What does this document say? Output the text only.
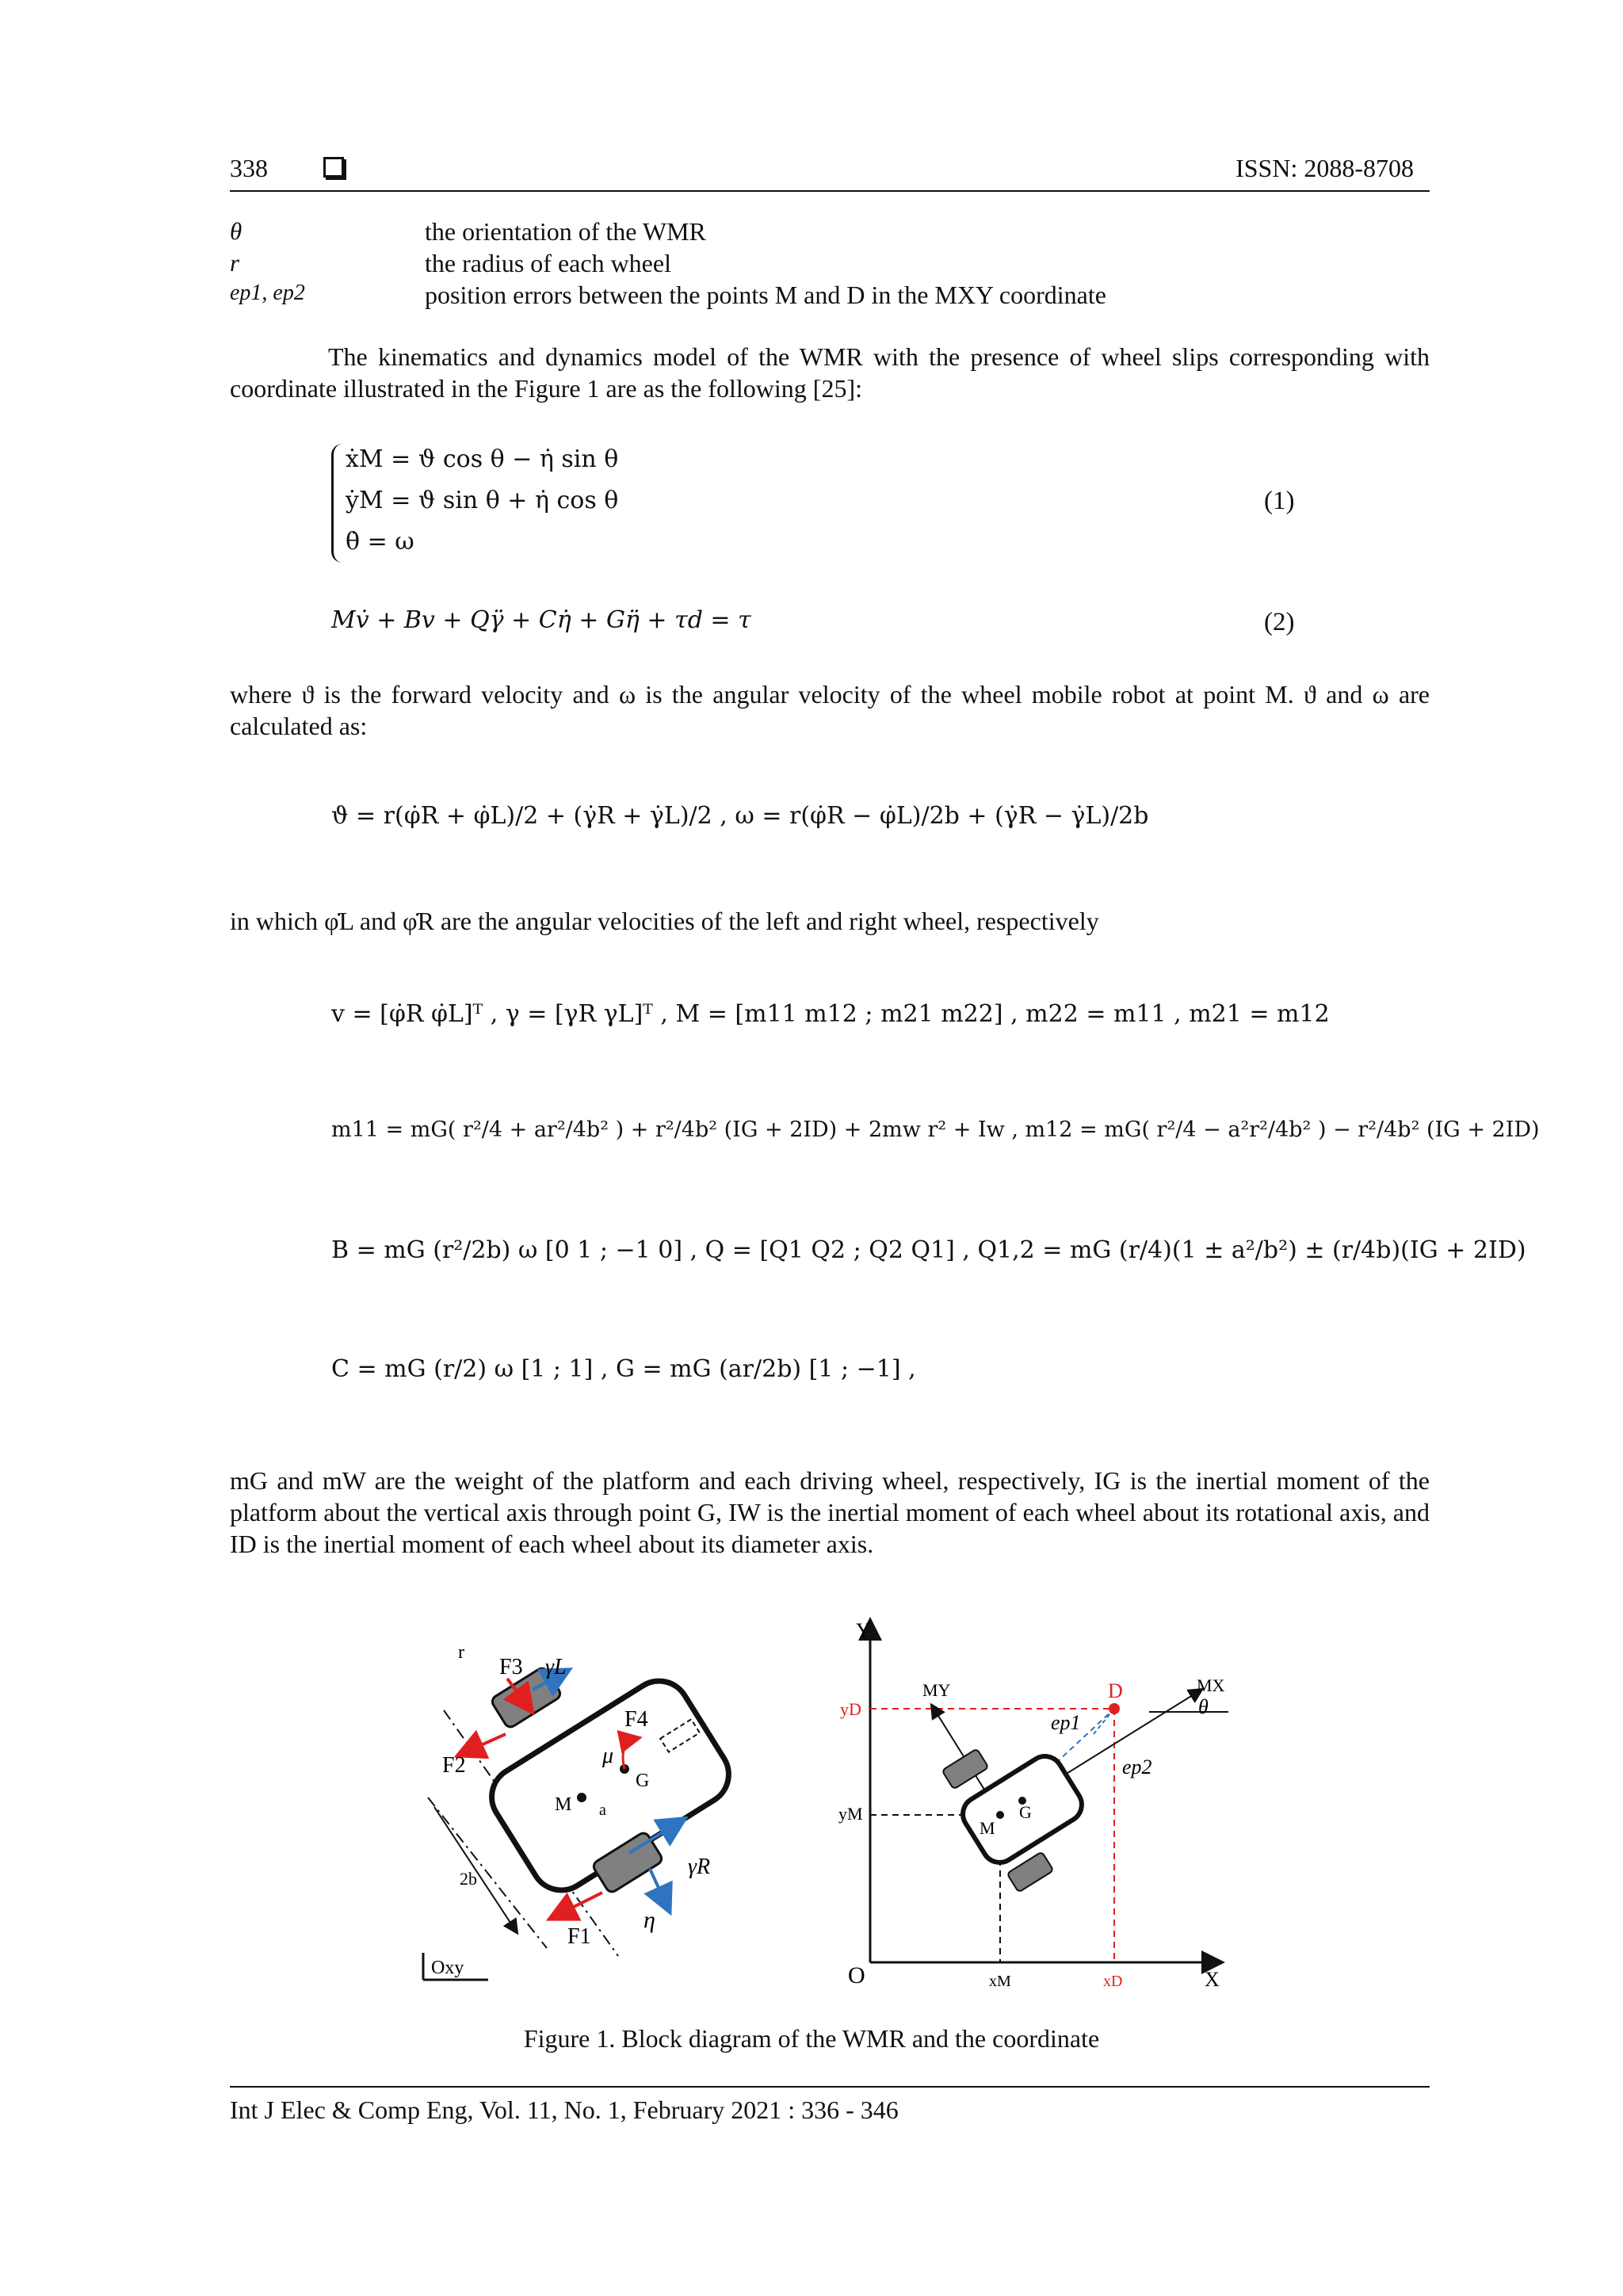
338	ISSN: 2088-8708
θ	the orientation of the WMR
r	the radius of each wheel
ep1, ep2	position errors between the points M and D in the MXY coordinate
The kinematics and dynamics model of the WMR with the presence of wheel slips corresponding with coordinate illustrated in the Figure 1 are as the following [25]:
ẋM = ϑ cos θ − η̇ sin θ
ẏM = ϑ sin θ + η̇ cos θ
θ̇ = ω
(1)
Mv̇ + Bv + Qγ̈ + Cη̇ + Gη̈ + τd = τ	(2)
where ϑ is the forward velocity and ω is the angular velocity of the wheel mobile robot at point M. ϑ and ω are calculated as:
ϑ = r(φ̇R + φ̇L)/2 + (γ̇R + γ̇L)/2 , ω = r(φ̇R − φ̇L)/2b + (γ̇R − γ̇L)/2b
in which φ̇L and φ̇R are the angular velocities of the left and right wheel, respectively
v = [φ̇R φ̇L]ᵀ , γ = [γR γL]ᵀ , M = [m11 m12 ; m21 m22] , m22 = m11 , m21 = m12
m11 = mG( r²/4 + ar²/4b² ) + r²/4b² (IG + 2ID) + 2mw r² + Iw , m12 = mG( r²/4 − a²r²/4b² ) − r²/4b² (IG + 2ID)
B = mG (r²/2b) ω [0 1 ; −1 0] , Q = [Q1 Q2 ; Q2 Q1] , Q1,2 = mG (r/4)(1 ± a²/b²) ± (r/4b)(IG + 2ID)
C = mG (r/2) ω [1 ; 1] , G = mG (ar/2b) [1 ; −1] ,
mG and mW are the weight of the platform and each driving wheel, respectively, IG is the inertial moment of the platform about the vertical axis through point G, IW is the inertial moment of each wheel about its rotational axis, and ID is the inertial moment of each wheel about its diameter axis.
r
F3 γL
F4
μ
G
F2
M a
2b	γR
η
F1
Oxy
Y
MY	D	MX
θ
yD
ep1
ep2
yM	G
M
O	xM	xD	X
Figure 1. Block diagram of the WMR and the coordinate
Int J Elec & Comp Eng, Vol. 11, No. 1, February 2021 : 336 - 346
